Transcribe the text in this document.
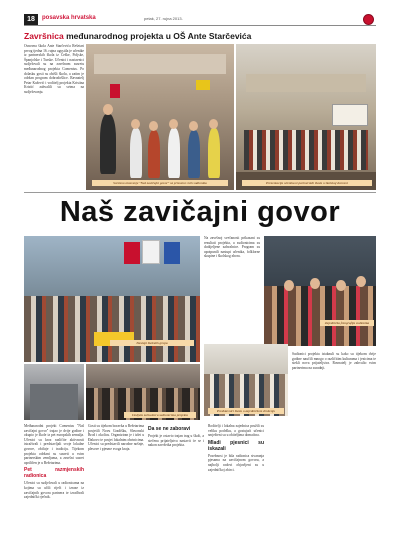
18	posavska hrvatska	petak, 27. rujna 2013.
Završnica međunarodnog projekta u OŠ Ante Starčevića
Osnovna škola Ante Starčevića Rešetari prvog tjedna 16. rujna ugostila je učenike iz partnerskih škola iz Češke, Poljske, Španjolske i Turske. Učenici i nastavnici sudjelovali su na završnom susretu međunarodnog projekta Comenius. Po dolasku gosti su obišli školu, a zatim je održan program dobrodošlice. Ravnatelj Petar Kušević i voditelj projekta Kristina Kristić zahvalili su svima na sudjelovanju.
Svečano otvaranje "Naš zavičajni govor" uz prisustvo svih sudionika	Prezentacija učenika iz partnerskih škola u školskoj dvorani
Naš zavičajni govor
Nastupi školskih grupa
Na završnoj svečanosti prikazani su rezultati projekta, a sudionicima su dodijeljene zahvalnice. Program su upotpunili nastupi učenika, folklorne skupine i školskog zbora.
Zajednička fotografija sudionika
Predstavnici škola u zajedničkom druženju
Dodjela zahvalnica sudionicima projekta
Međunarodni projekt Comenius "Naš zavičajni govor" trajao je dvije godine i okupio je škole iz pet europskih zemalja. Učenici su kroz različite aktivnosti istraživali i predstavljali svoje lokalne govore, običaje i tradiciju. Tijekom projekta održani su susreti u svim partnerskim zemljama, a završni susret upriličen je u Rešetarima.
Pet razmjenskih radionica
Učenici su sudjelovali u radionicama na kojima su učili riječi i izraze iz zavičajnih govora partnera te izrađivali zajednički rječnik.
Gosti su tijekom boravka u Rešetarima posjetili Novu Gradišku, Slavonski Brod i okolicu. Organiziran je i izlet u Đakovo te posjet lokalnim obrtnicima. Učenici su predstavili narodne nošnje, plesove i pjesme svoga kraja.
Da se ne zaboravi
Projekt je ostavio trajan trag u školi, a stečena prijateljstva nastavit će se i nakon završetka projekta.
Roditelji i lokalna zajednica pružili su veliku podršku, a gostujući učenici smješteni su u obiteljima domaćina.
Mladi pjesnici su iskazali
Posebnost je bila radionica stvaranja pjesama na zavičajnom govoru, a najbolji radovi objavljeni su u zajedničkoj zbirci.
Sudionici projekta istaknuli su kako su tijekom dvije godine naučili mnogo o različitim kulturama i jezicima te stekli nova prijateljstva. Ravnatelj je zahvalio svim partnerima na suradnji.
